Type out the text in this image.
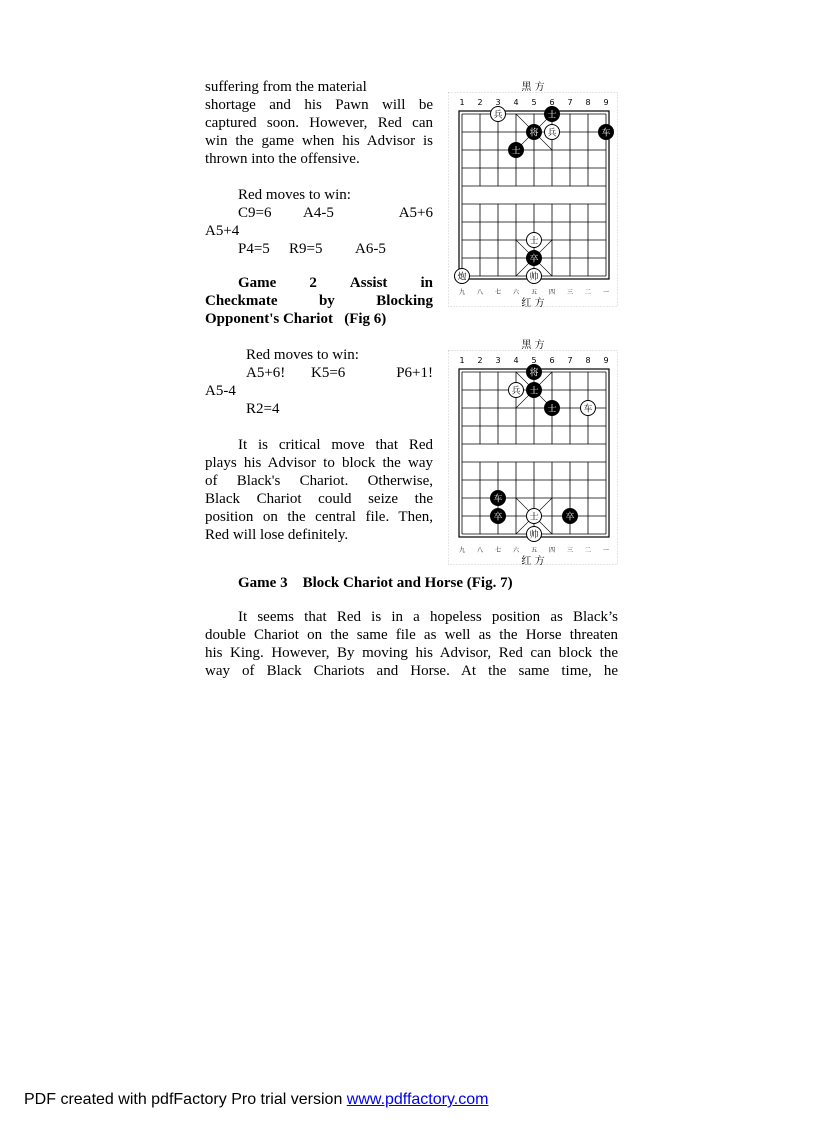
suffering from the material
shortage and his Pawn will be
captured soon. However, Red can
win the game when his Advisor is
thrown into the offensive.
Red moves to win:
C9=6 A4-5	A5+6
A5+4
P4=5 R9=5 A6-5
Game 2 Assist in
Checkmate	by	Blocking
Opponent's Chariot (Fig 6)
Red moves to win:
A5+6! K5=6	P6+1!
A5-4
R2=4
It is critical move that Red
plays his Advisor to block the way
of Black's Chariot. Otherwise,
Black Chariot could seize the
position on the central file. Then,
Red will lose definitely.
黑 方
1 2 3 4 5 6 7 8 9
九 八 七 六 五 四 三 二 一
红 方
士
兵
将 兵	车
士
士
卒
帅
炮
黑 方
1 2 3 4 5 6 7 8 9
九 八 七 六 五 四 三 二 一
红 方
将
兵 士
士	车
车
卒	士	卒
帅
Game 3 Block Chariot and Horse (Fig. 7)
It seems that Red is in a hopeless position as Black’s
double Chariot on the same file as well as the Horse threaten
his King. However, By moving his Advisor, Red can block the
way of Black Chariots and Horse. At the same time, he
PDF created with pdfFactory Pro trial version www.pdffactory.com
